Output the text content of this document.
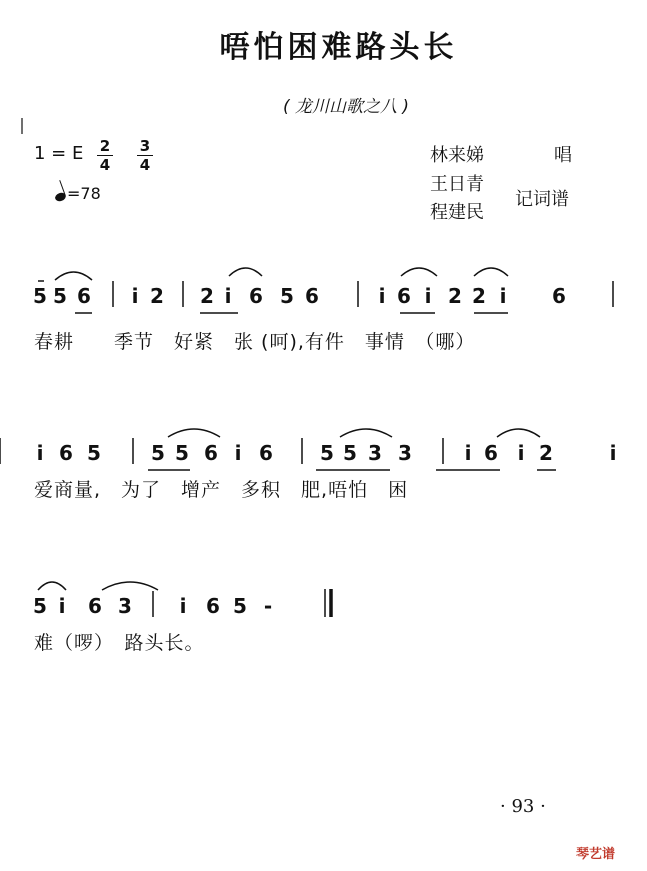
唔怕困难路头长
( 龙川山歌之八 )
1 = E $\frac{2}{4} \frac{3}{4}$
=78
林来娣	唱
王日青
程建民
记词谱
5 5 6 i 2 2 i 6 5 6	i 6 i 2 2 i 6
i 6 5	5 5 6 i 6 5 5 3 3	i 6 i 2	i
5 i 6 3 i 6 5 -
春耕　　季节　好紧　张 (呵),有件　事情　（哪）
爱商量,　为了　增产　多积　肥,唔怕　困
难（啰）　路头长。
· 93 ·
琴艺谱
